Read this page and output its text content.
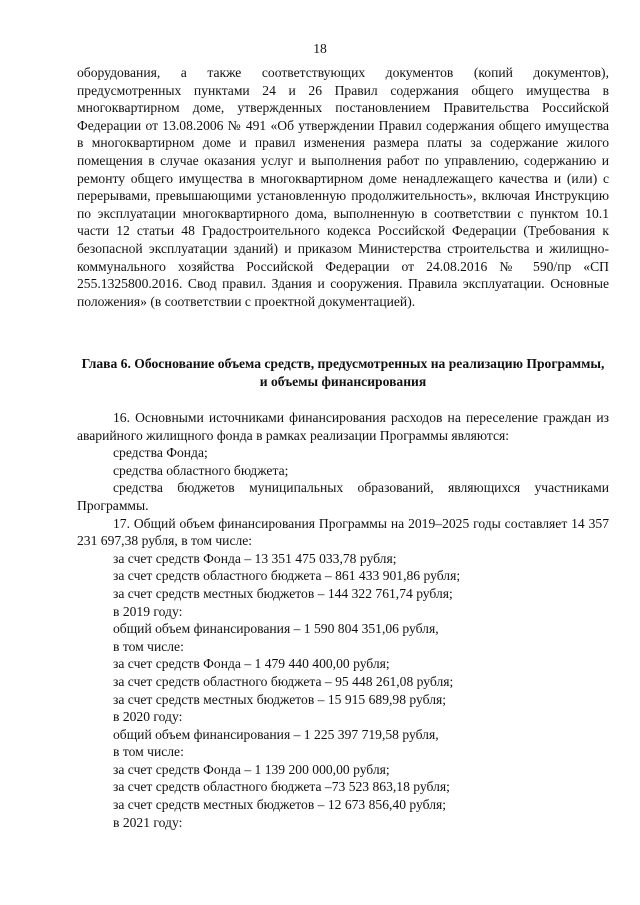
18

оборудования, а также соответствующих документов (копий документов), предусмотренных пунктами 24 и 26 Правил содержания общего имущества в многоквартирном доме, утвержденных постановлением Правительства Российской Федерации от 13.08.2006 № 491 «Об утверждении Правил содержания общего имущества в многоквартирном доме и правил изменения размера платы за содержание жилого помещения в случае оказания услуг и выполнения работ по управлению, содержанию и ремонту общего имущества в многоквартирном доме ненадлежащего качества и (или) с перерывами, превышающими установленную продолжительность», включая Инструкцию по эксплуатации многоквартирного дома, выполненную в соответствии с пунктом 10.1 части 12 статьи 48 Градостроительного кодекса Российской Федерации (Требования к безопасной эксплуатации зданий) и приказом Министерства строительства и жилищно-коммунального хозяйства Российской Федерации от 24.08.2016 № 590/пр «СП 255.1325800.2016. Свод правил. Здания и сооружения. Правила эксплуатации. Основные положения» (в соответствии с проектной документацией).

Глава 6. Обоснование объема средств, предусмотренных на реализацию Программы, и объемы финансирования

16. Основными источниками финансирования расходов на переселение граждан из аварийного жилищного фонда в рамках реализации Программы являются:

средства Фонда;

средства областного бюджета;

средства бюджетов муниципальных образований, являющихся участниками Программы.

17. Общий объем финансирования Программы на 2019–2025 годы составляет 14 357 231 697,38 рубля, в том числе:

за счет средств Фонда – 13 351 475 033,78 рубля;
за счет средств областного бюджета – 861 433 901,86 рубля;
за счет средств местных бюджетов – 144 322 761,74 рубля;
в 2019 году:
общий объем финансирования – 1 590 804 351,06 рубля,
в том числе:
за счет средств Фонда – 1 479 440 400,00 рубля;
за счет средств областного бюджета – 95 448 261,08 рубля;
за счет средств местных бюджетов – 15 915 689,98 рубля;
в 2020 году:
общий объем финансирования – 1 225 397 719,58 рубля,
в том числе:
за счет средств Фонда – 1 139 200 000,00 рубля;
за счет средств областного бюджета –73 523 863,18 рубля;
за счет средств местных бюджетов – 12 673 856,40 рубля;
в 2021 году:
